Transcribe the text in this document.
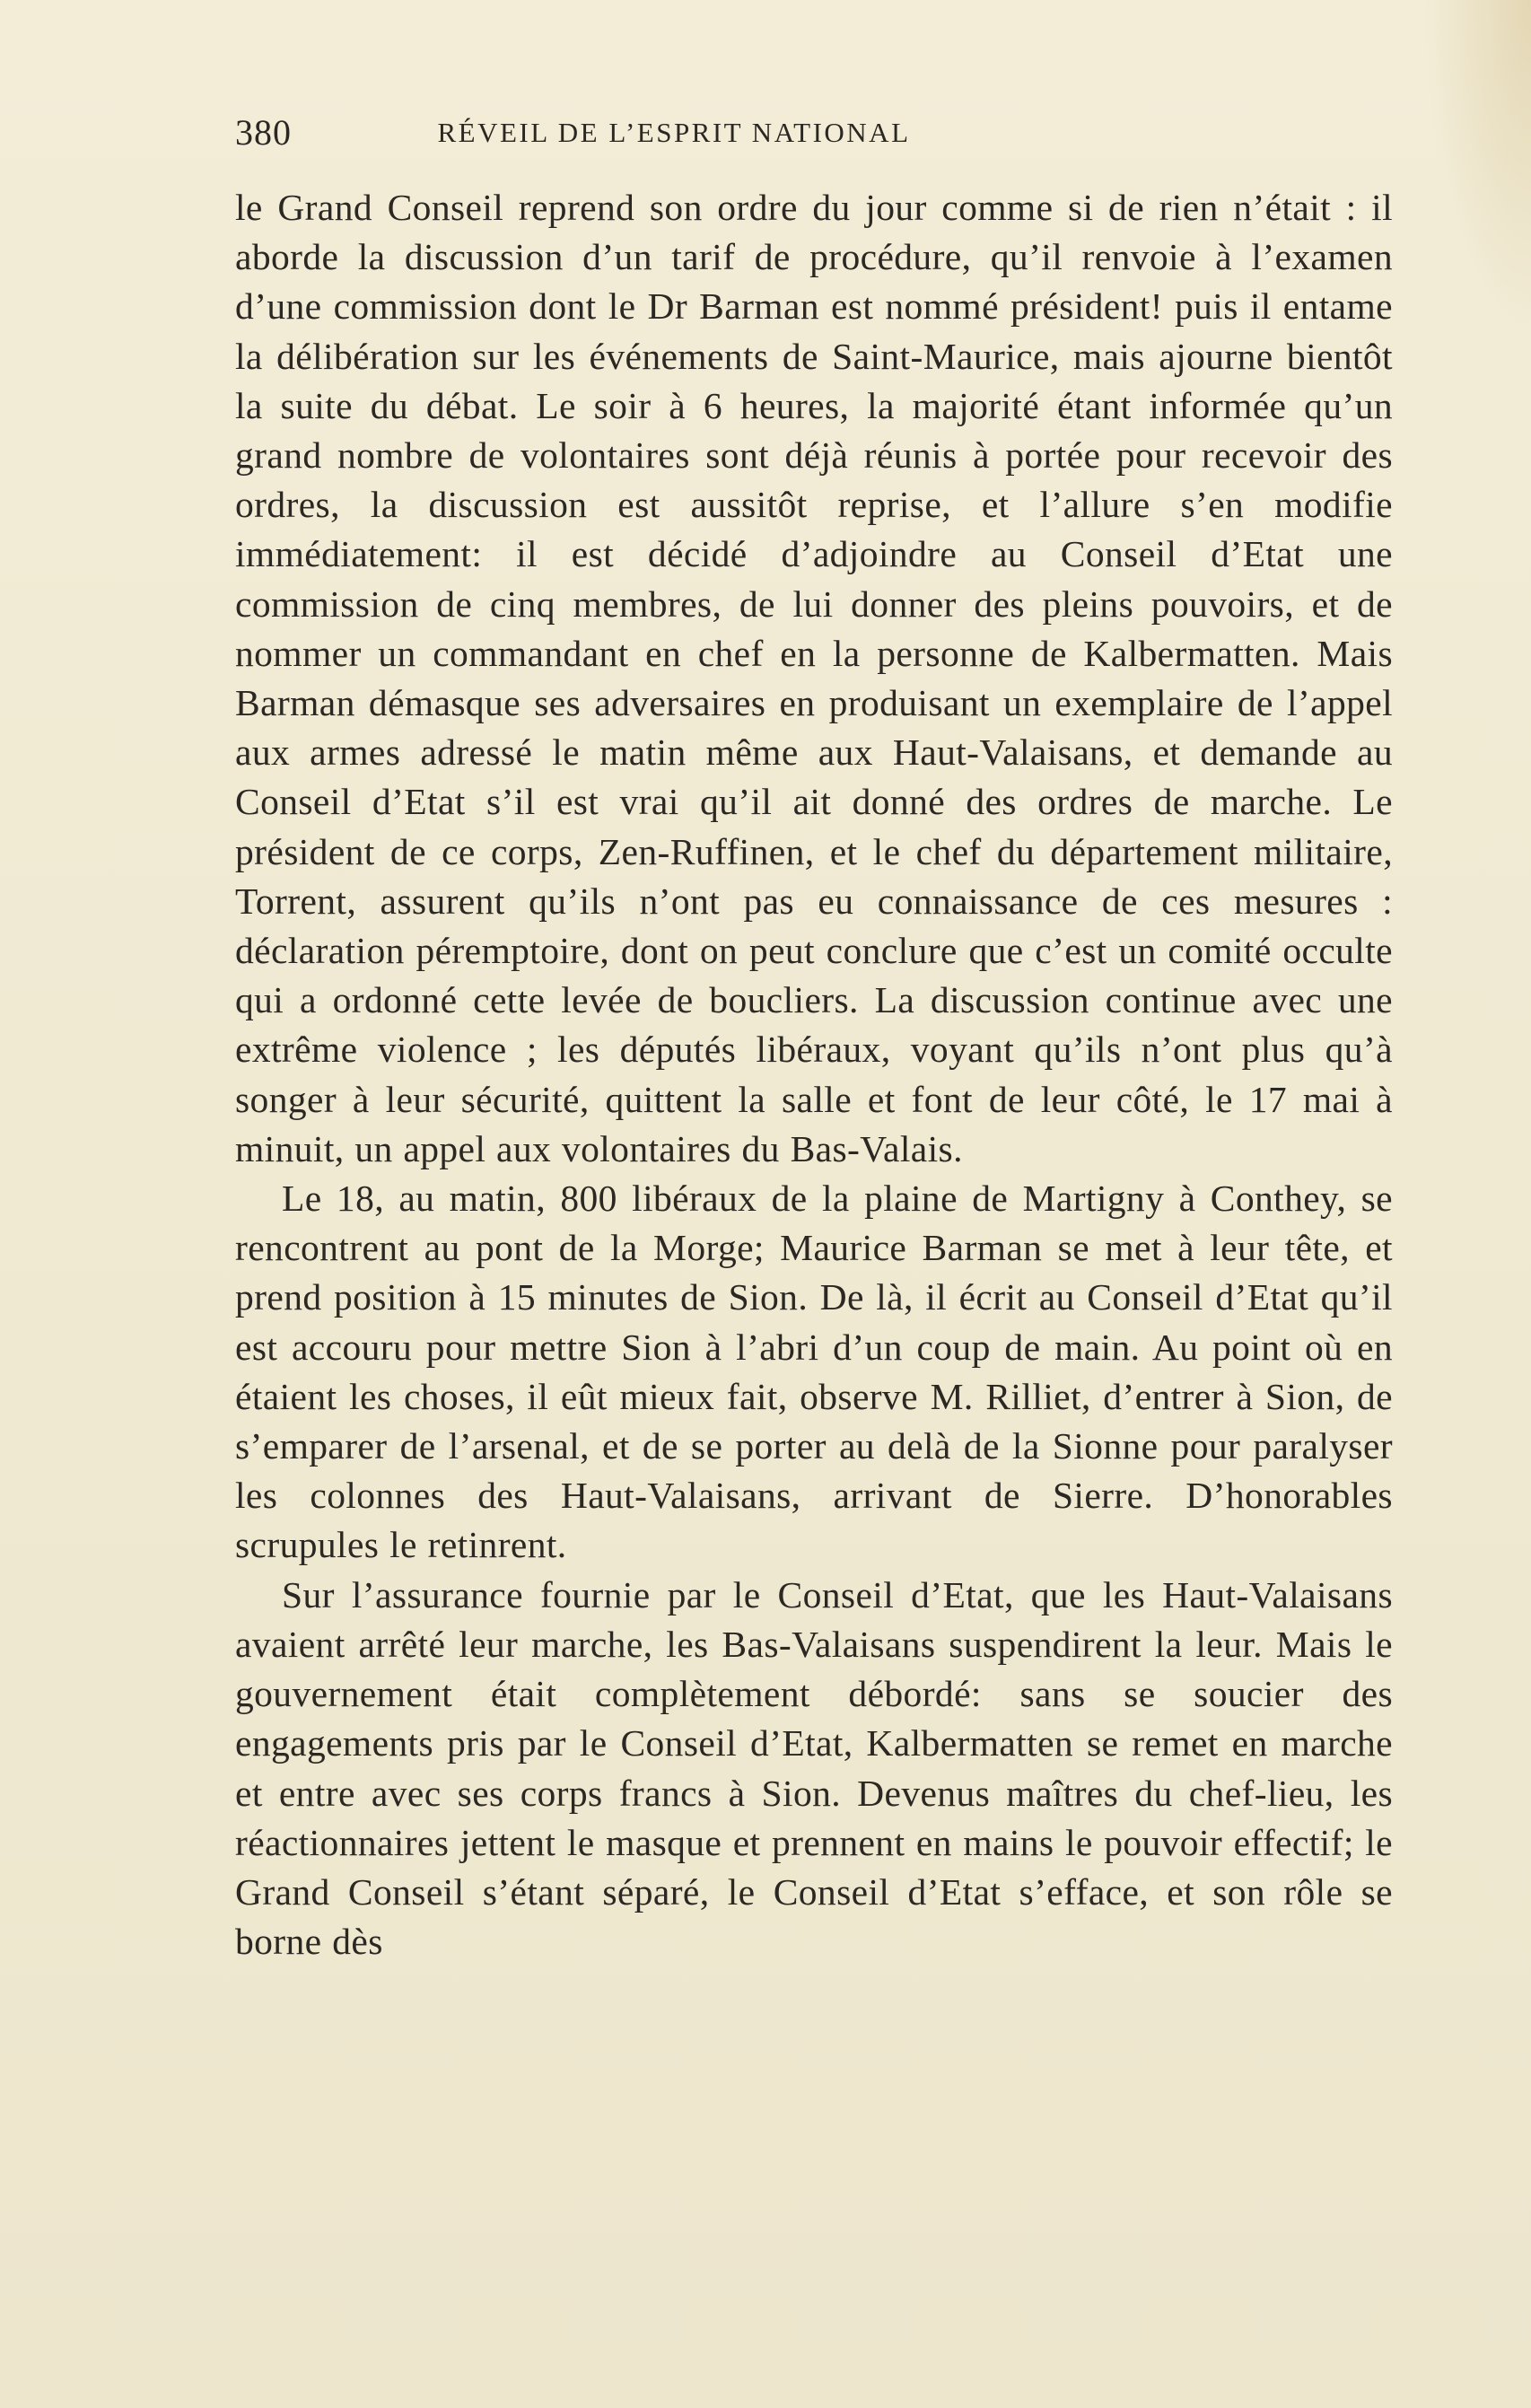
380	RÉVEIL DE L’ESPRIT NATIONAL

le Grand Conseil reprend son ordre du jour comme si de rien n’était : il aborde la discussion d’un tarif de procédure, qu’il renvoie à l’examen d’une commission dont le Dr Barman est nommé président! puis il entame la délibération sur les événements de Saint-Maurice, mais ajourne bientôt la suite du débat. Le soir à 6 heures, la majorité étant informée qu’un grand nombre de volontaires sont déjà réunis à portée pour recevoir des ordres, la discussion est aussitôt reprise, et l’allure s’en modifie immédiatement: il est décidé d’adjoindre au Conseil d’Etat une commission de cinq membres, de lui donner des pleins pouvoirs, et de nommer un commandant en chef en la personne de Kalbermatten. Mais Barman démasque ses adversaires en produisant un exemplaire de l’appel aux armes adressé le matin même aux Haut-Valaisans, et demande au Conseil d’Etat s’il est vrai qu’il ait donné des ordres de marche. Le président de ce corps, Zen-Ruffinen, et le chef du département militaire, Torrent, assurent qu’ils n’ont pas eu connaissance de ces mesures : déclaration péremptoire, dont on peut conclure que c’est un comité occulte qui a ordonné cette levée de boucliers. La discussion continue avec une extrême violence ; les députés libéraux, voyant qu’ils n’ont plus qu’à songer à leur sécurité, quittent la salle et font de leur côté, le 17 mai à minuit, un appel aux volontaires du Bas-Valais.

Le 18, au matin, 800 libéraux de la plaine de Martigny à Conthey, se rencontrent au pont de la Morge; Maurice Barman se met à leur tête, et prend position à 15 minutes de Sion. De là, il écrit au Conseil d’Etat qu’il est accouru pour mettre Sion à l’abri d’un coup de main. Au point où en étaient les choses, il eût mieux fait, observe M. Rilliet, d’entrer à Sion, de s’emparer de l’arsenal, et de se porter au delà de la Sionne pour paralyser les colonnes des Haut-Valaisans, arrivant de Sierre. D’honorables scrupules le retinrent.

Sur l’assurance fournie par le Conseil d’Etat, que les Haut-Valaisans avaient arrêté leur marche, les Bas-Valaisans suspendirent la leur. Mais le gouvernement était complètement débordé: sans se soucier des engagements pris par le Conseil d’Etat, Kalbermatten se remet en marche et entre avec ses corps francs à Sion. Devenus maîtres du chef-lieu, les réactionnaires jettent le masque et prennent en mains le pouvoir effectif; le Grand Conseil s’étant séparé, le Conseil d’Etat s’efface, et son rôle se borne dès
